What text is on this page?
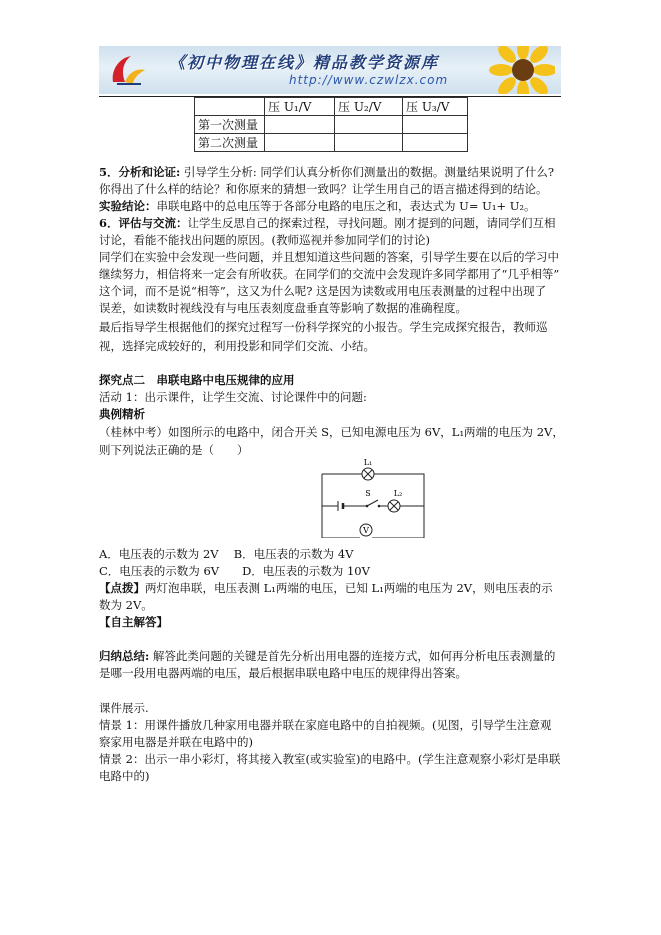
《初中物理在线》精品教学资源库
http://www.czwlzx.com
	压 U₁/V	压 U₂/V	压 U₃/V
第一次测量			
第二次测量			
5．分析和论证: 引导学生分析: 同学们认真分析你们测量出的数据。测量结果说明了什么?
你得出了什么样的结论？和你原来的猜想一致吗？让学生用自己的语言描述得到的结论。
实验结论：串联电路中的总电压等于各部分电路的电压之和，表达式为 U= U₁+ U₂。
6．评估与交流：让学生反思自己的探索过程，寻找问题。刚才提到的问题，请同学们互相
讨论，看能不能找出问题的原因。(教师巡视并参加同学们的讨论)
同学们在实验中会发现一些问题，并且想知道这些问题的答案，引导学生要在以后的学习中
继续努力，相信将来一定会有所收获。在同学们的交流中会发现许多同学都用了“几乎相等”
这个词，而不是说“相等”，这又为什么呢? 这是因为读数或用电压表测量的过程中出现了
误差，如读数时视线没有与电压表刻度盘垂直等影响了数据的准确程度。
最后指导学生根据他们的探究过程写一份科学探究的小报告。学生完成探究报告，教师巡
视，选择完成较好的，利用投影和同学们交流、小结。
探究点二　串联电路中电压规律的应用
活动 1：出示课件，让学生交流、讨论课件中的问题:
典例精析
（桂林中考）如图所示的电路中，闭合开关 S，已知电源电压为 6V，L₁两端的电压为 2V，
则下列说法正确的是（　　）
L₁
S	L₂
V
A．电压表的示数为 2V　 B．电压表的示数为 4V
C．电压表的示数为 6V　　D．电压表的示数为 10V
【点拨】两灯泡串联，电压表测 L₁两端的电压，已知 L₁两端的电压为 2V，则电压表的示
数为 2V。
【自主解答】
归纳总结: 解答此类问题的关键是首先分析出用电器的连接方式，如何再分析电压表测量的
是哪一段用电器两端的电压，最后根据串联电路中电压的规律得出答案。
课件展示.
情景 1：用课件播放几种家用电器并联在家庭电路中的自拍视频。(见图，引导学生注意观
察家用电器是并联在电路中的)
情景 2：出示一串小彩灯，将其接入教室(或实验室)的电路中。(学生注意观察小彩灯是串联
电路中的)
